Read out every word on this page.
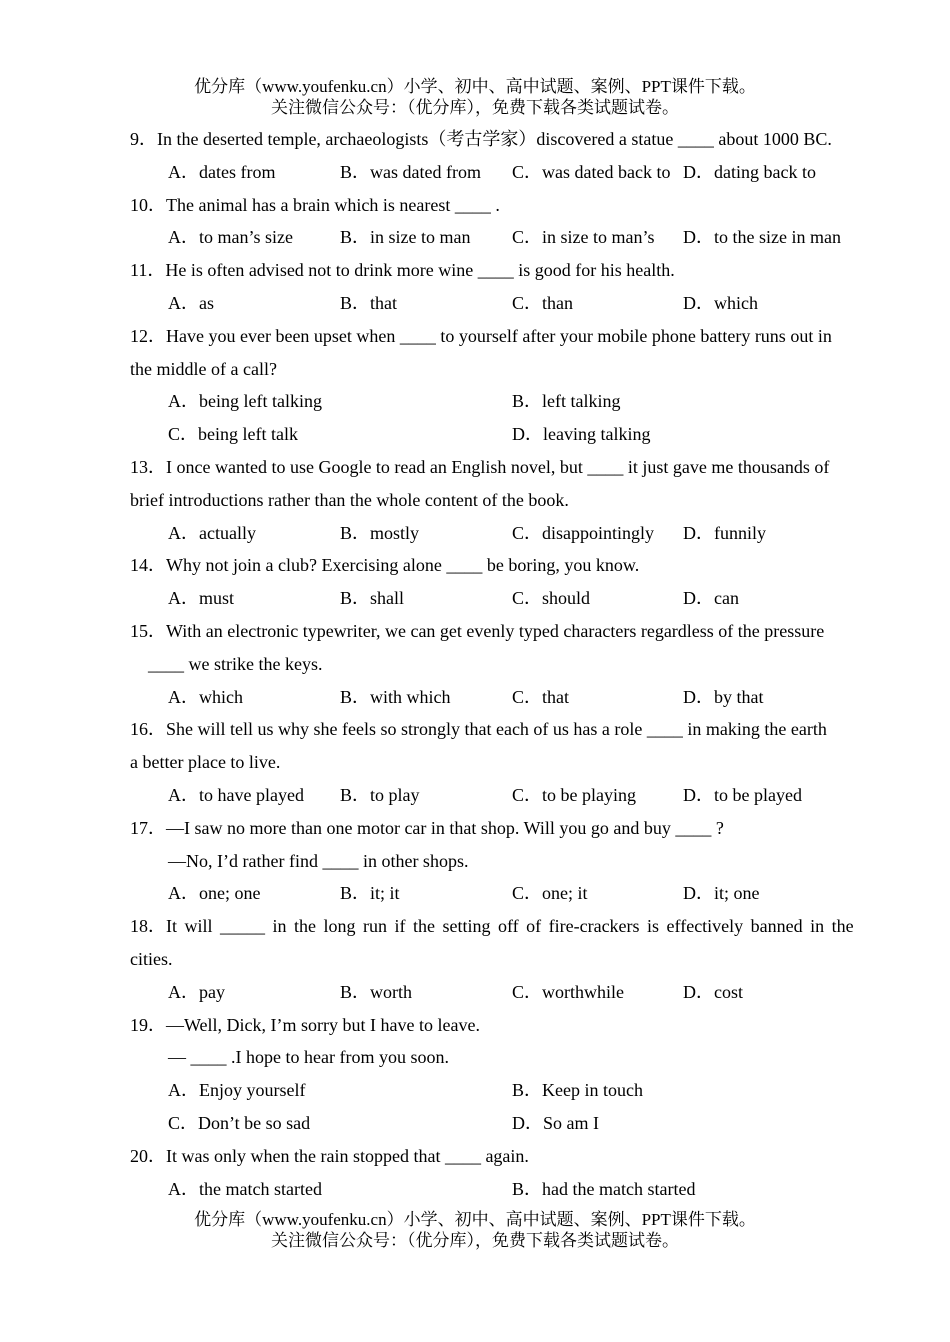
优分库（www.youfenku.cn）小学、初中、高中试题、案例、PPT课件下载。
关注微信公众号：（优分库），免费下载各类试题试卷。
9．In the deserted temple, archaeologists（考古学家）discovered a statue ____ about 1000 BC.
A．dates from	B．was dated from C．was dated back to D．dating back to
10．The animal has a brain which is nearest ____ .
A．to man’s size	B．in size to man C．in size to man’s D．to the size in man
11．He is often advised not to drink more wine ____ is good for his health.
A．as	B．that	C．than	D．which
12．Have you ever been upset when ____ to yourself after your mobile phone battery runs out in
the middle of a call?
A．being left talking	B．left talking
C．being left talk	D．leaving talking
13．I once wanted to use Google to read an English novel, but ____ it just gave me thousands of
brief introductions rather than the whole content of the book.
A．actually	B．mostly	C．disappointingly D．funnily
14．Why not join a club? Exercising alone ____ be boring, you know.
A．must	B．shall	C．should	D．can
15．With an electronic typewriter, we can get evenly typed characters regardless of the pressure
____ we strike the keys.
A．which	B．with which	C．that	D．by that
16．She will tell us why she feels so strongly that each of us has a role ____ in making the earth
a better place to live.
A．to have played B．to play	C．to be playing	D．to be played
17．—I saw no more than one motor car in that shop. Will you go and buy ____ ?
—No, I’d rather find ____ in other shops.
A．one; one	B．it; it	C．one; it	D．it; one
18．It will _____ in the long run if the setting off of fire-crackers is effectively banned in the
cities.
A．pay	B．worth	C．worthwhile	D．cost
19．—Well, Dick, I’m sorry but I have to leave.
— ____ .I hope to hear from you soon.
A．Enjoy yourself	B．Keep in touch
C．Don’t be so sad	D．So am I
20．It was only when the rain stopped that ____ again.
A．the match started	B．had the match started
优分库（www.youfenku.cn）小学、初中、高中试题、案例、PPT课件下载。
关注微信公众号：（优分库），免费下载各类试题试卷。
